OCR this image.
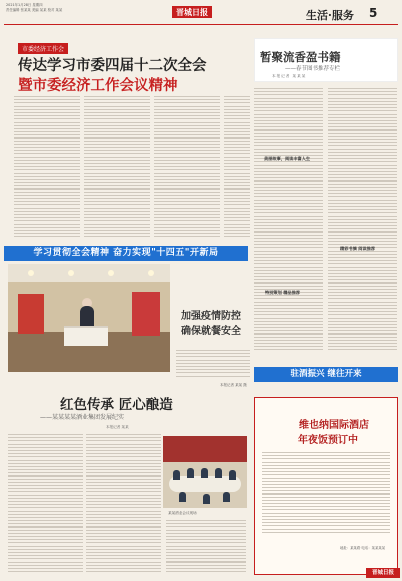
2021年1月28日 星期四
责任编辑 张某某 美编 某某 校对 某某	晋城日报	生活·服务 5
市委经济工作会
传达学习市委四届十二次全会
暨市委经济工作会议精神
暂聚流香盈书籍
——春节图书推荐专栏
本报记者 某某某
美丽故事，阅读丰富人生
特别策划 精品推荐
精彩书摘 阅读推荐
学习贯彻全会精神 奋力实现"十四五"开新局
加强疫情防控
确保就餐安全
本报记者 某某 摄
红色传承 匠心酿造
——某某某某酒业集团发展纪实
本报记者 某某
某某酒业会议现场
驻酒振兴 继往开来
维也纳国际酒店
年夜饭预订中
地址：某某路 电话：某某某某
晋城日报
